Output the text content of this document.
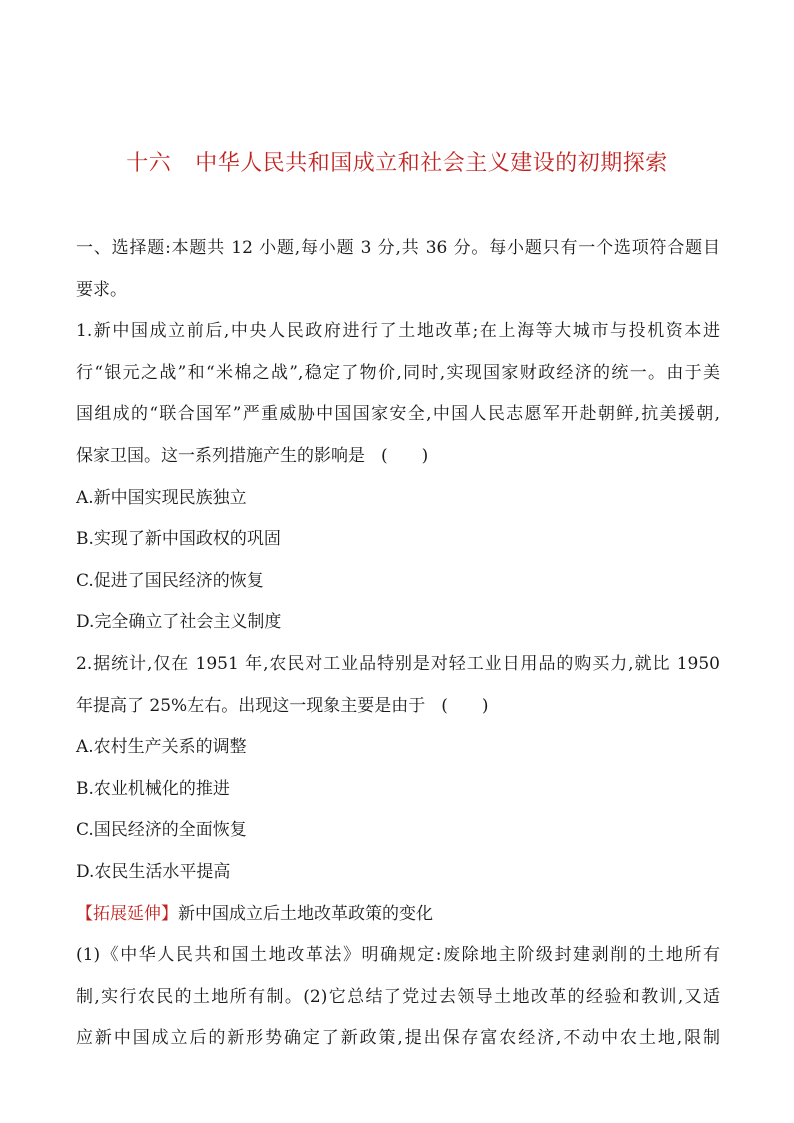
十六 中华人民共和国成立和社会主义建设的初期探索
一、选择题:本题共 12 小题,每小题 3 分,共 36 分。每小题只有一个选项符合题目
要求。
1.新中国成立前后,中央人民政府进行了土地改革;在上海等大城市与投机资本进
行“银元之战”和“米棉之战”,稳定了物价,同时,实现国家财政经济的统一。由于美
国组成的“联合国军”严重威胁中国国家安全,中国人民志愿军开赴朝鲜,抗美援朝,
保家卫国。这一系列措施产生的影响是 (　　)
A.新中国实现民族独立
B.实现了新中国政权的巩固
C.促进了国民经济的恢复
D.完全确立了社会主义制度
2.据统计,仅在 1951 年,农民对工业品特别是对轻工业日用品的购买力,就比 1950
年提高了 25%左右。出现这一现象主要是由于 (　　)
A.农村生产关系的调整
B.农业机械化的推进
C.国民经济的全面恢复
D.农民生活水平提高
【拓展延伸】新中国成立后土地改革政策的变化
(1)《中华人民共和国土地改革法》明确规定:废除地主阶级封建剥削的土地所有
制,实行农民的土地所有制。(2)它总结了党过去领导土地改革的经验和教训,又适
应新中国成立后的新形势确定了新政策,提出保存富农经济,不动中农土地,限制
